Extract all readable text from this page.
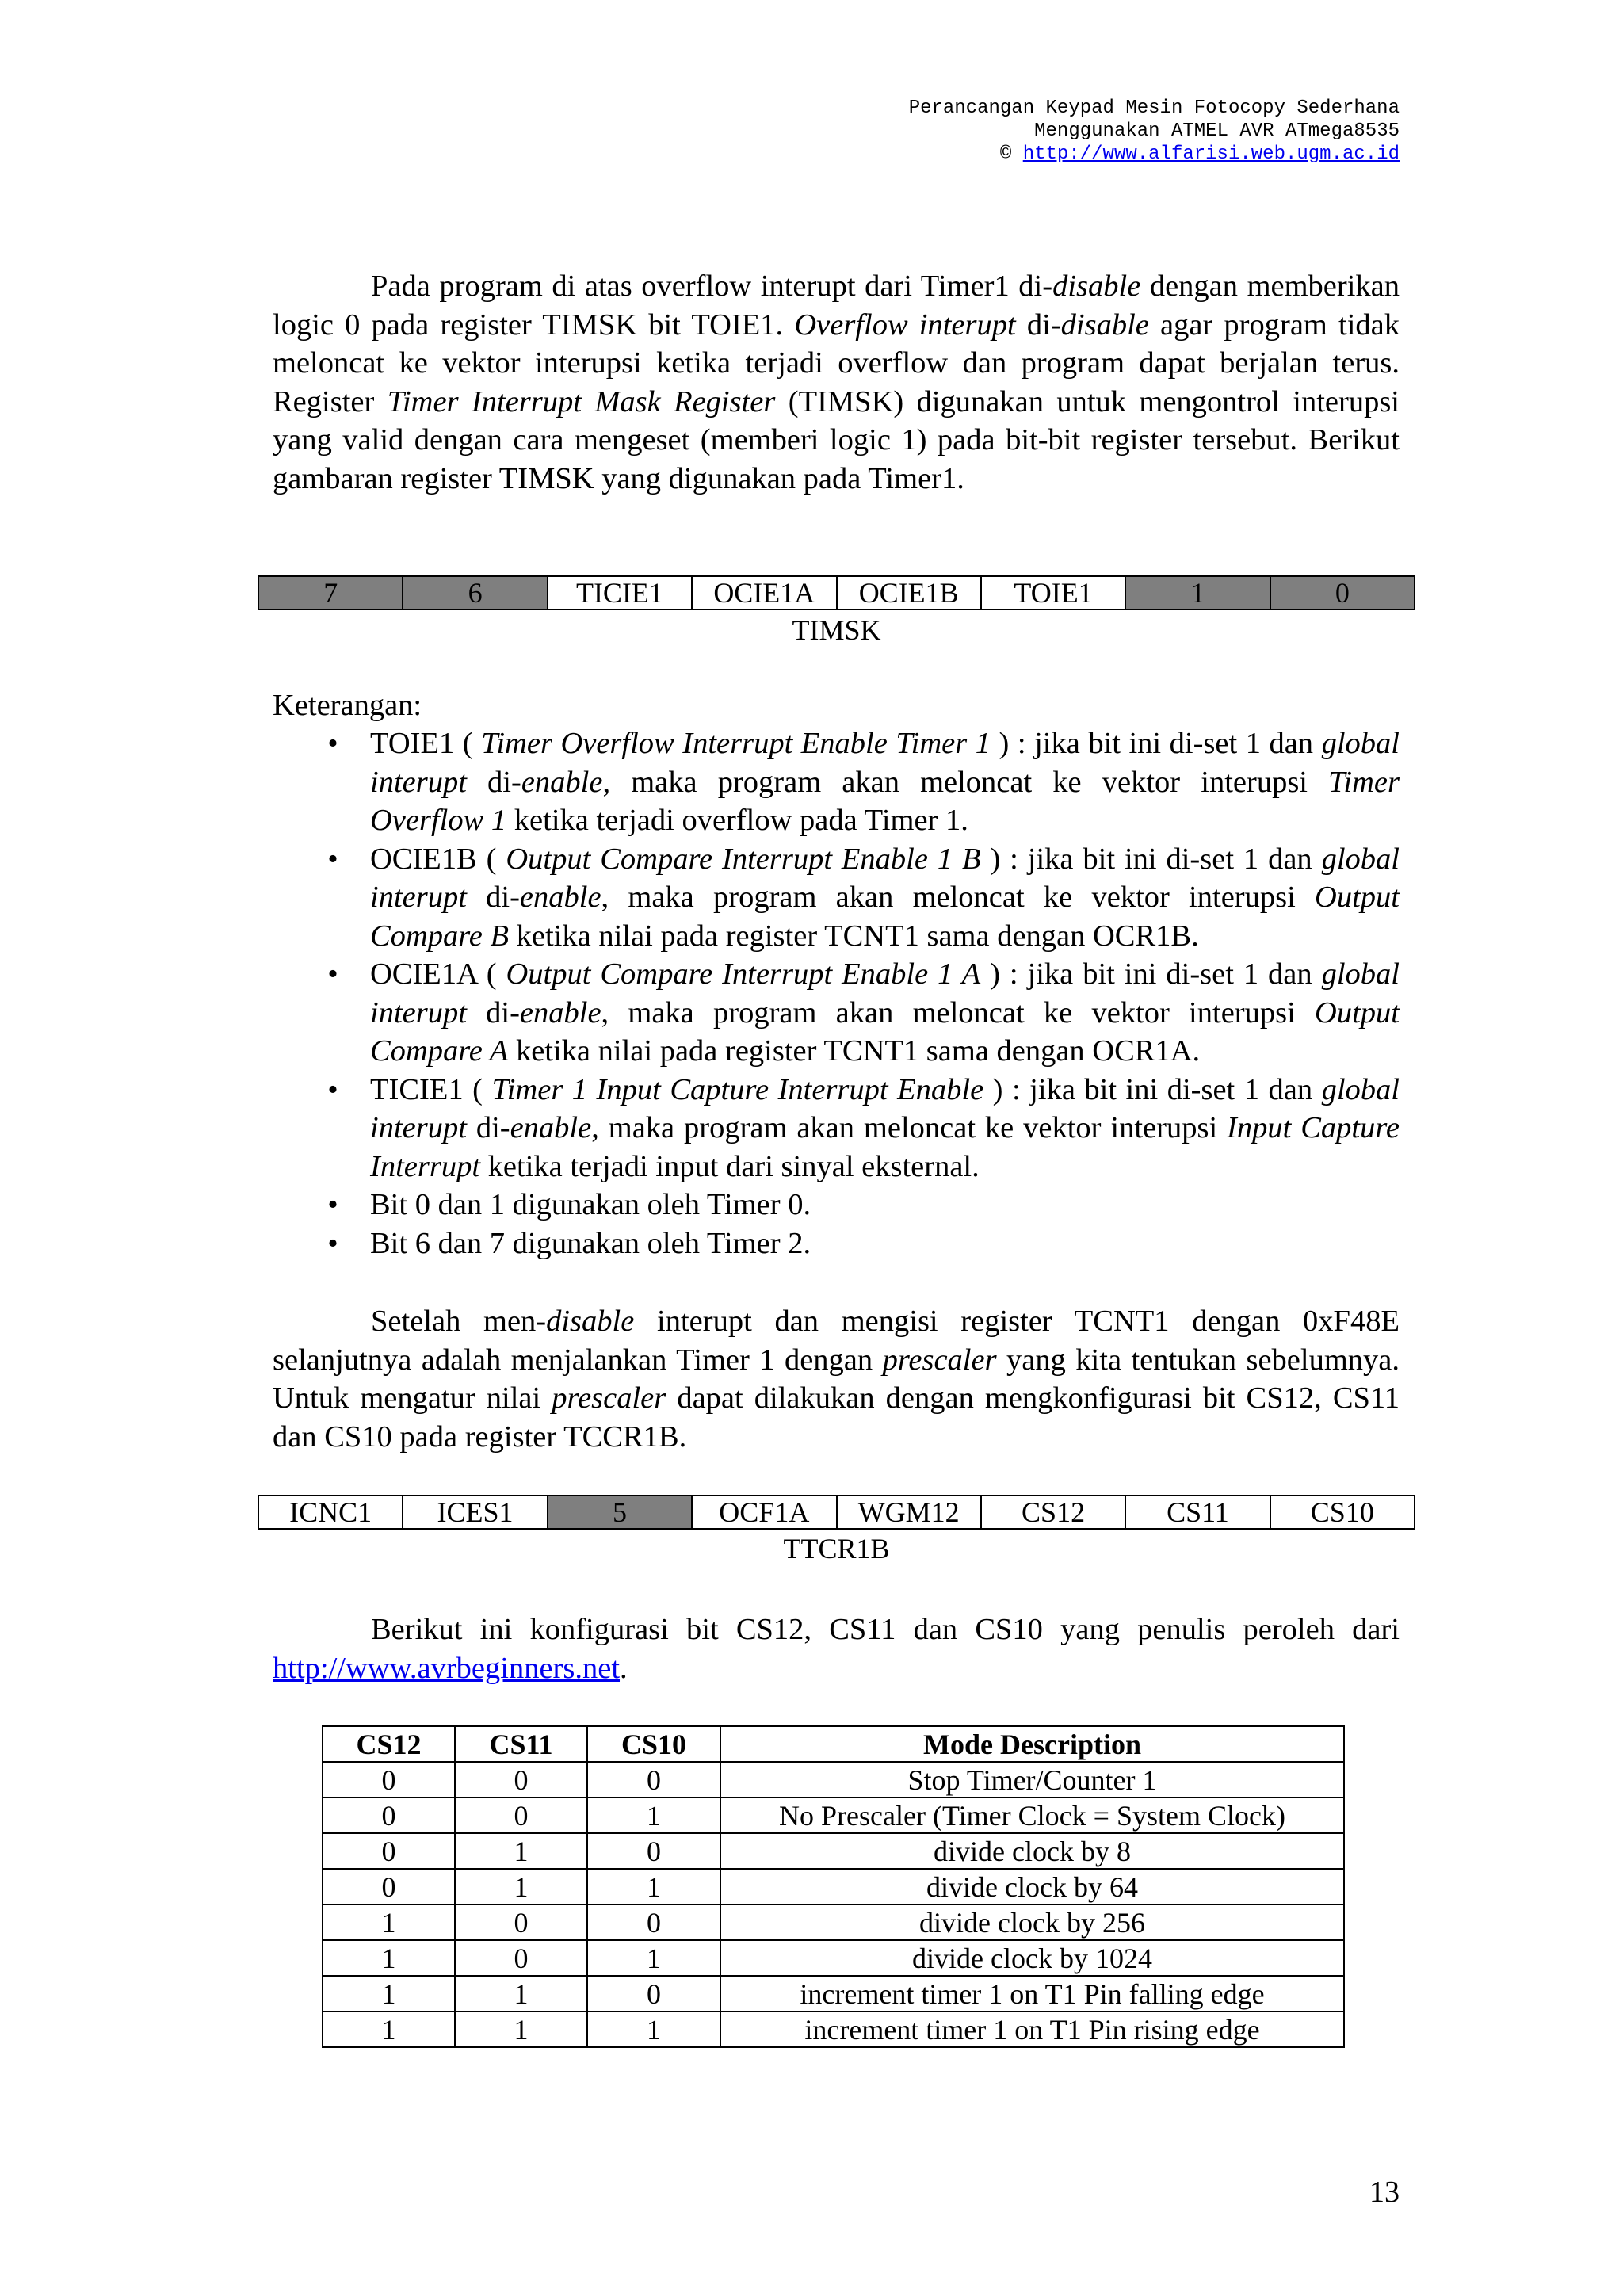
Perancangan Keypad Mesin Fotocopy Sederhana
Menggunakan ATMEL AVR ATmega8535
© http://www.alfarisi.web.ugm.ac.id

Pada program di atas overflow interupt dari Timer1 di-disable dengan memberikan logic 0 pada register TIMSK bit TOIE1. Overflow interupt di-disable agar program tidak meloncat ke vektor interupsi ketika terjadi overflow dan program dapat berjalan terus. Register Timer Interrupt Mask Register (TIMSK) digunakan untuk mengontrol interupsi yang valid dengan cara mengeset (memberi logic 1) pada bit-bit register tersebut. Berikut gambaran register TIMSK yang digunakan pada Timer1.

7	6	TICIE1	OCIE1A	OCIE1B	TOIE1	1	0
TIMSK
Keterangan:
• TOIE1 ( Timer Overflow Interrupt Enable Timer 1 ) : jika bit ini di-set 1 dan global interupt di-enable, maka program akan meloncat ke vektor interupsi Timer Overflow 1 ketika terjadi overflow pada Timer 1.
• OCIE1B ( Output Compare Interrupt Enable 1 B ) : jika bit ini di-set 1 dan global interupt di-enable, maka program akan meloncat ke vektor interupsi Output Compare B ketika nilai pada register TCNT1 sama dengan OCR1B.
• OCIE1A ( Output Compare Interrupt Enable 1 A ) : jika bit ini di-set 1 dan global interupt di-enable, maka program akan meloncat ke vektor interupsi Output Compare A ketika nilai pada register TCNT1 sama dengan OCR1A.
• TICIE1 ( Timer 1 Input Capture Interrupt Enable ) : jika bit ini di-set 1 dan global interupt di-enable, maka program akan meloncat ke vektor interupsi Input Capture Interrupt ketika terjadi input dari sinyal eksternal.
• Bit 0 dan 1 digunakan oleh Timer 0.
• Bit 6 dan 7 digunakan oleh Timer 2.

Setelah men-disable interupt dan mengisi register TCNT1 dengan 0xF48E selanjutnya adalah menjalankan Timer 1 dengan prescaler yang kita tentukan sebelumnya. Untuk mengatur nilai prescaler dapat dilakukan dengan mengkonfigurasi bit CS12, CS11 dan CS10 pada register TCCR1B.

ICNC1	ICES1	5	OCF1A	WGM12	CS12	CS11	CS10
TTCR1B

Berikut ini konfigurasi bit CS12, CS11 dan CS10 yang penulis peroleh dari http://www.avrbeginners.net.

CS12	CS11	CS10	Mode Description
0	0	0	Stop Timer/Counter 1
0	0	1	No Prescaler (Timer Clock = System Clock)
0	1	0	divide clock by 8
0	1	1	divide clock by 64
1	0	0	divide clock by 256
1	0	1	divide clock by 1024
1	1	0	increment timer 1 on T1 Pin falling edge
1	1	1	increment timer 1 on T1 Pin rising edge
13
